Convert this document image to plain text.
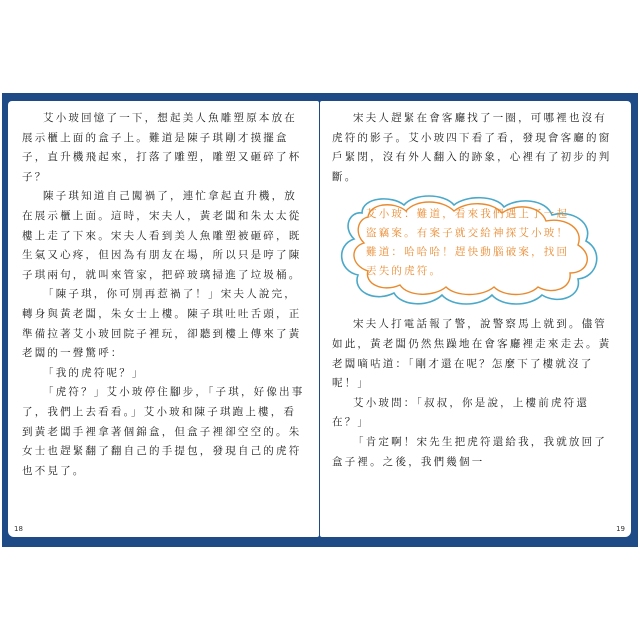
艾小玻回憶了一下，想起美人魚雕塑原本放在展示櫃上面的盒子上。難道是陳子琪剛才摸擺盒子，直升機飛起來，打落了雕塑，雕塑又砸碎了杯子？

陳子琪知道自己闖禍了，連忙拿起直升機，放在展示櫃上面。這時，宋夫人，黃老闆和朱太太從樓上走了下來。宋夫人看到美人魚雕塑被砸碎，既生氣又心疼，但因為有朋友在場，所以只是哼了陳子琪兩句，就叫來管家，把碎玻璃掃進了垃圾桶。

「陳子琪，你可別再惹禍了！」宋夫人說完，轉身與黃老闆，朱女士上樓。陳子琪吐吐舌頭，正準備拉著艾小玻回院子裡玩，卻聽到樓上傳來了黃老闆的一聲驚呼：

「我的虎符呢？」

「虎符？」艾小玻停住腳步，「子琪，好像出事了，我們上去看看。」艾小玻和陳子琪跑上樓，看到黃老闆手裡拿著個錦盒，但盒子裡卻空空的。朱女士也趕緊翻了翻自己的手提包，發現自己的虎符也不見了。

18

宋夫人趕緊在會客廳找了一圈，可哪裡也沒有虎符的影子。艾小玻四下看了看，發現會客廳的窗戶緊閉，沒有外人翻入的跡象，心裡有了初步的判斷。

艾小玻：難道，看來我們遇上了一起盜竊案。有案子就交給神探艾小玻！

難道：哈哈哈！趕快動腦破案，找回丟失的虎符。

宋夫人打電話報了警，說警察馬上就到。儘管如此，黃老闆仍然焦躁地在會客廳裡走來走去。黃老闆嘀咕道：「剛才還在呢？怎麼下了樓就沒了呢！」

艾小玻問：「叔叔，你是說，上樓前虎符還在？」

「肯定啊！宋先生把虎符還給我，我就放回了盒子裡。之後，我們幾個一

19
